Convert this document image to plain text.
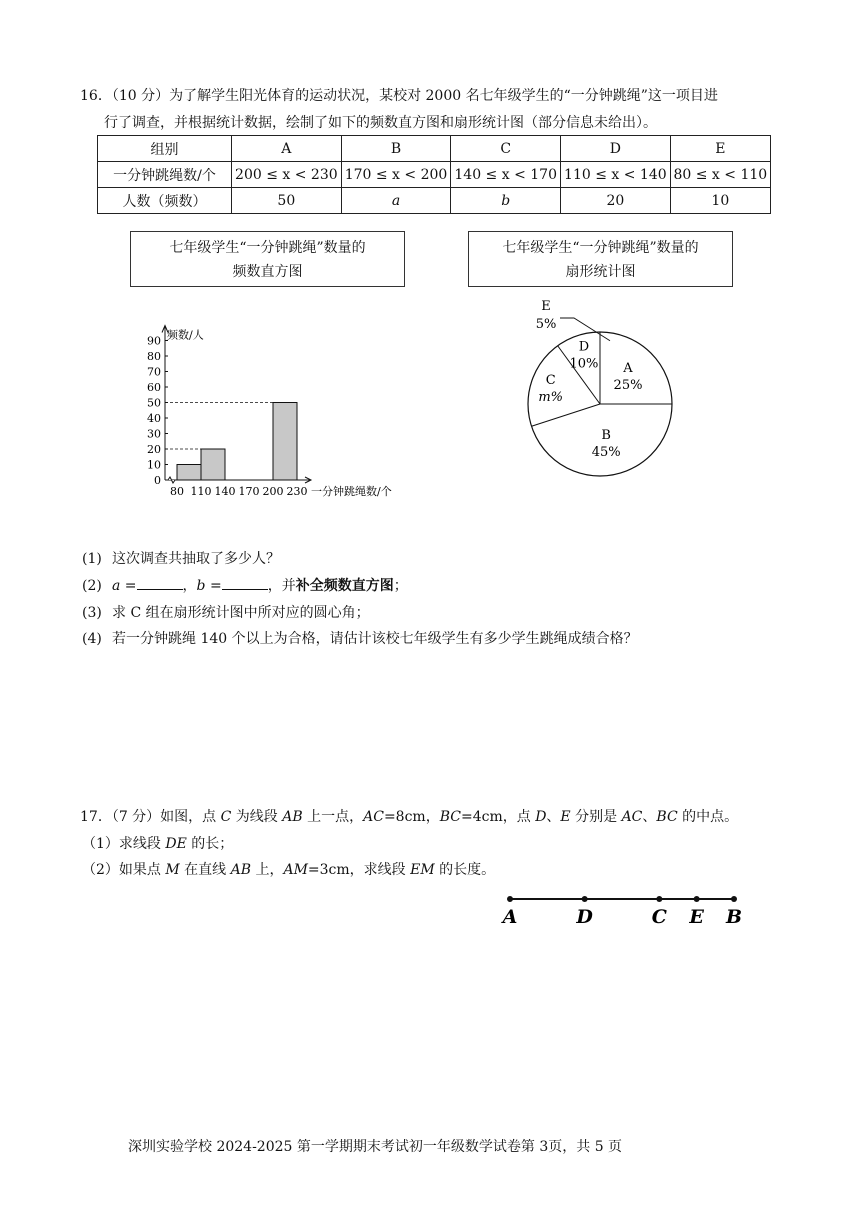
16．（10 分）为了解学生阳光体育的运动状况，某校对 2000 名七年级学生的“一分钟跳绳”这一项目进
行了调查，并根据统计数据，绘制了如下的频数直方图和扇形统计图（部分信息未给出）。
组别	A	B	C	D	E
一分钟跳绳数/个	200 ≤ x < 230	170 ≤ x < 200	140 ≤ x < 170	110 ≤ x < 140	80 ≤ x < 110
人数（频数）	50	a	b	20	10
七年级学生“一分钟跳绳”数量的
频数直方图
七年级学生“一分钟跳绳”数量的
扇形统计图
0
10
20
30
40
50
60
70
80
90 频数/人
80 110 140 170 200 230 一分钟跳绳数/个
A
25%
B
45%
C
m%
D
10%
E
5%
(1) 这次调查共抽取了多少人？
(2) a =	，b =	，并补全频数直方图；
(3) 求 C 组在扇形统计图中所对应的圆心角；
(4) 若一分钟跳绳 140 个以上为合格，请估计该校七年级学生有多少学生跳绳成绩合格？
17．（7 分）如图，点 C 为线段 AB 上一点，AC=8cm，BC=4cm，点 D、E 分别是 AC、BC 的中点。
（1）求线段 DE 的长；
（2）如果点 M 在直线 AB 上，AM=3cm，求线段 EM 的长度。
A	D	C E B
深圳实验学校 2024-2025 第一学期期末考试初一年级数学试卷第 3页，共 5 页
